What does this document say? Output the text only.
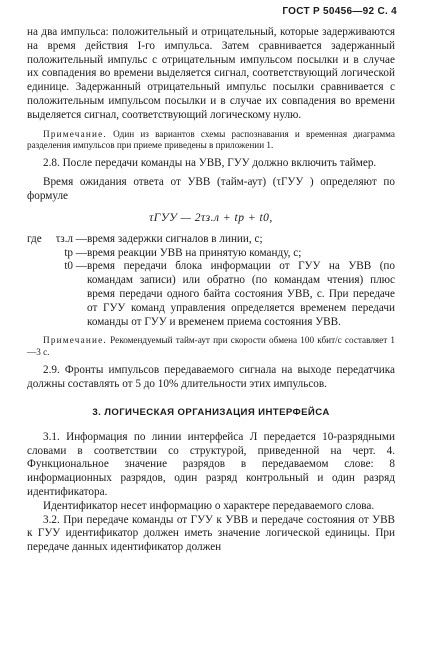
ГОСТ Р 50456—92 С. 4

на два импульса: положительный и отрицательный, которые задерживаются на время действия I-го импульса. Затем сравнивается задержанный положительный импульс с отрицательным импульсом посылки и в случае их совпадения во времени выделяется сигнал, соответствующий логической единице. Задержанный отрицательный импульс посылки сравнивается с положительным импульсом посылки и в случае их совпадения во времени выделяется сигнал, соответствующий логическому нулю.

Примечание. Один из вариантов схемы распознавания и временная диаграмма разделения импульсов при приеме приведены в приложении 1.

2.8. После передачи команды на УВВ, ГУУ должно включить таймер.

Время ожидания ответа от УВВ (тайм-аут) (τГУУ ) определяют по формуле

τГУУ — 2τз.л + tр + t0,
где	τз.л —	время задержки сигналов в линии, с;
	tр —	время реакции УВВ на принятую команду, с;
	t0 —	время передачи блока информации от ГУУ на УВВ (по командам записи) или обратно (по командам чтения) плюс время передачи одного байта состояния УВВ, с. При передаче от ГУУ команд управления определяется временем передачи команды от ГУУ и временем приема состояния УВВ.

Примечание. Рекомендуемый тайм-аут при скорости обмена 100 кбит/с составляет 1—3 с.

2.9. Фронты импульсов передаваемого сигнала на выходе передатчика должны составлять от 5 до 10% длительности этих импульсов.

3. ЛОГИЧЕСКАЯ ОРГАНИЗАЦИЯ ИНТЕРФЕЙСА

3.1. Информация по линии интерфейса Л передается 10-разрядными словами в соответствии со структурой, приведенной на черт. 4. Функциональное значение разрядов в передаваемом слове: 8 информационных разрядов, один разряд контрольный и один разряд идентификатора.

Идентификатор несет информацию о характере передаваемого слова.

3.2. При передаче команды от ГУУ к УВВ и передаче состояния от УВВ к ГУУ идентификатор должен иметь значение логической единицы. При передаче данных идентификатор должен
